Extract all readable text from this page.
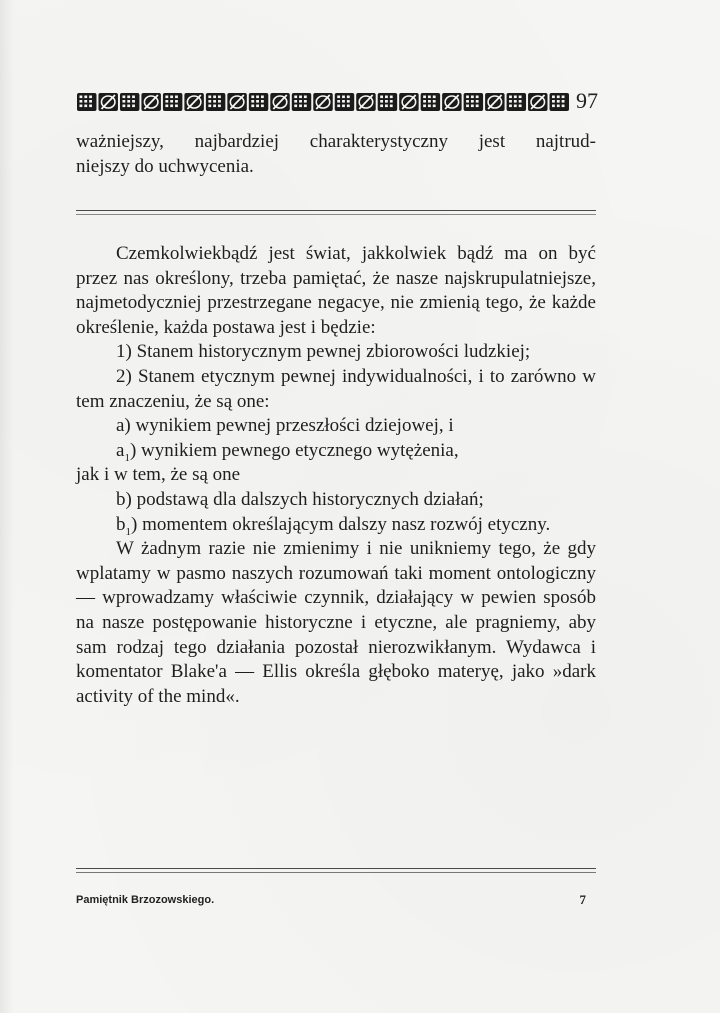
97

ważniejszy, najbardziej charakterystyczny jest najtrud-

niejszy do uchwycenia.

Czemkolwiekbądź jest świat, jakkolwiek bądź ma on być przez nas określony, trzeba pamiętać, że nasze najskrupulatniejsze, najmetodyczniej przestrzegane negacye, nie zmienią tego, że każde określenie, każda postawa jest i będzie:

1) Stanem historycznym pewnej zbiorowości ludzkiej;

2) Stanem etycznym pewnej indywidualności, i to zarówno w tem znaczeniu, że są one:

a) wynikiem pewnej przeszłości dziejowej, i

$a_1$) wynikiem pewnego etycznego wytężenia,

jak i w tem, że są one

b) podstawą dla dalszych historycznych działań;

$b_1$) momentem określającym dalszy nasz rozwój etyczny.

W żadnym razie nie zmienimy i nie unikniemy tego, że gdy wplatamy w pasmo naszych rozumowań taki moment ontologiczny — wprowadzamy właściwie czynnik, działający w pewien sposób na nasze postępowanie historyczne i etyczne, ale pragniemy, aby sam rodzaj tego działania pozostał nierozwikłanym. Wydawca i komentator Blake'a — Ellis określa głęboko materyę, jako »dark activity of the mind«.

Pamiętnik Brzozowskiego.	7
